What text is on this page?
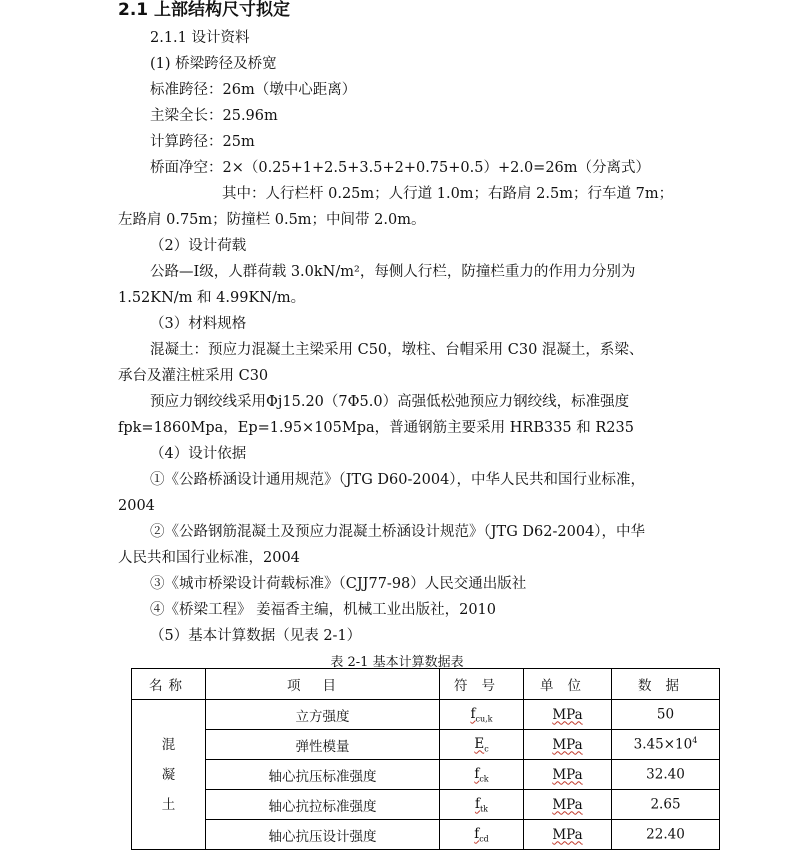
2.1 上部结构尺寸拟定
2.1.1 设计资料
(1) 桥梁跨径及桥宽
标准跨径：26m（墩中心距离）
主梁全长：25.96m
计算跨径：25m
桥面净空：2×（0.25+1+2.5+3.5+2+0.75+0.5）+2.0=26m（分离式）
其中：人行栏杆 0.25m；人行道 1.0m；右路肩 2.5m；行车道 7m；
左路肩 0.75m；防撞栏 0.5m；中间带 2.0m。
（2）设计荷载
公路—Ⅰ级，人群荷载 3.0kN/m²，每侧人行栏，防撞栏重力的作用力分别为
1.52KN/m 和 4.99KN/m。
（3）材料规格
混凝土：预应力混凝土主梁采用 C50，墩柱、台帽采用 C30 混凝土，系梁、
承台及灌注桩采用 C30
预应力钢绞线采用Φj15.20（7Φ5.0）高强低松弛预应力钢绞线，标准强度
fpk=1860Mpa，Ep=1.95×105Mpa，普通钢筋主要采用 HRB335 和 R235
（4）设计依据
①《公路桥涵设计通用规范》（JTG D60-2004），中华人民共和国行业标准，
2004
②《公路钢筋混凝土及预应力混凝土桥涵设计规范》（JTG D62-2004），中华
人民共和国行业标准，2004
③《城市桥梁设计荷载标准》（CJJ77-98）人民交通出版社
④《桥梁工程》 姜福香主编，机械工业出版社，2010
（5）基本计算数据（见表 2-1）
表 2-1 基本计算数据表
名称	项目	符号	单位	数据

混
凝
土	立方强度	$f_{cu,k}$	MPa	50
	弹性模量	$E_c$	MPa	$3.45\times 10^4$
	轴心抗压标准强度	$f_{ck}$	MPa	32.40
	轴心抗拉标准强度	$f_{tk}$	MPa	2.65
	轴心抗压设计强度	$f_{cd}$	MPa	22.40
